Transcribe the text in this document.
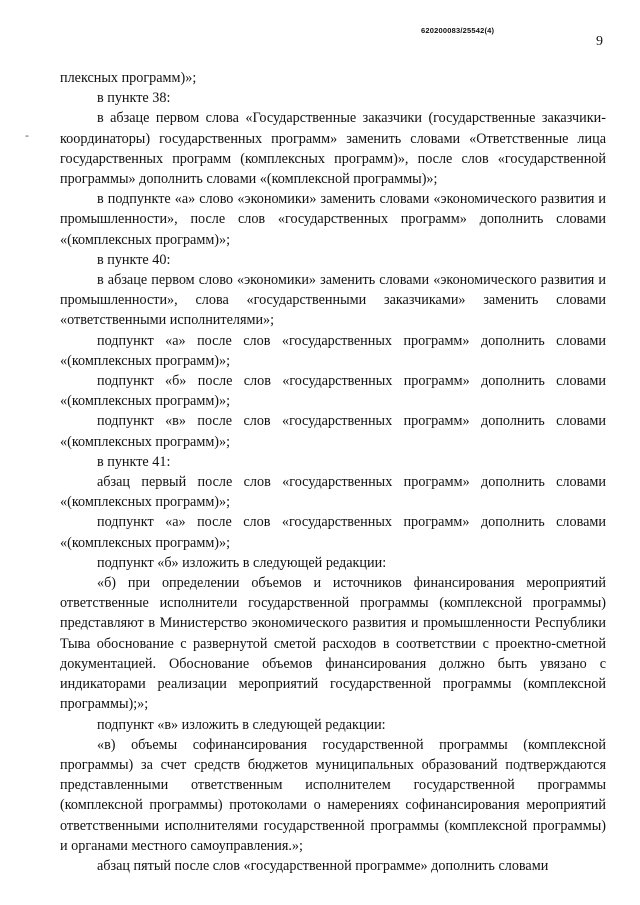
620200083/25542(4)
9
-

плексных программ)»;

в пункте 38:

в абзаце первом слова «Государственные заказчики (государственные заказчики-координаторы) государственных программ» заменить словами «Ответственные лица государственных программ (комплексных программ)», после слов «государственной программы» дополнить словами «(комплексной программы)»;

в подпункте «а» слово «экономики» заменить словами «экономического развития и промышленности», после слов «государственных программ» дополнить словами «(комплексных программ)»;

в пункте 40:

в абзаце первом слово «экономики» заменить словами «экономического развития и промышленности», слова «государственными заказчиками» заменить словами «ответственными исполнителями»;

подпункт «а» после слов «государственных программ» дополнить словами «(комплексных программ)»;

подпункт «б» после слов «государственных программ» дополнить словами «(комплексных программ)»;

подпункт «в» после слов «государственных программ» дополнить словами «(комплексных программ)»;

в пункте 41:

абзац первый после слов «государственных программ» дополнить словами «(комплексных программ)»;

подпункт «а» после слов «государственных программ» дополнить словами «(комплексных программ)»;

подпункт «б» изложить в следующей редакции:

«б) при определении объемов и источников финансирования мероприятий ответственные исполнители государственной программы (комплексной программы) представляют в Министерство экономического развития и промышленности Республики Тыва обоснование с развернутой сметой расходов в соответствии с проектно-сметной документацией. Обоснование объемов финансирования должно быть увязано с индикаторами реализации мероприятий государственной программы (комплексной программы);»;

подпункт «в» изложить в следующей редакции:

«в) объемы софинансирования государственной программы (комплексной программы) за счет средств бюджетов муниципальных образований подтверждаются представленными ответственным исполнителем государственной программы (комплексной программы) протоколами о намерениях софинансирования мероприятий ответственными исполнителями государственной программы (комплексной программы) и органами местного самоуправления.»;

абзац пятый после слов «государственной программе» дополнить словами
